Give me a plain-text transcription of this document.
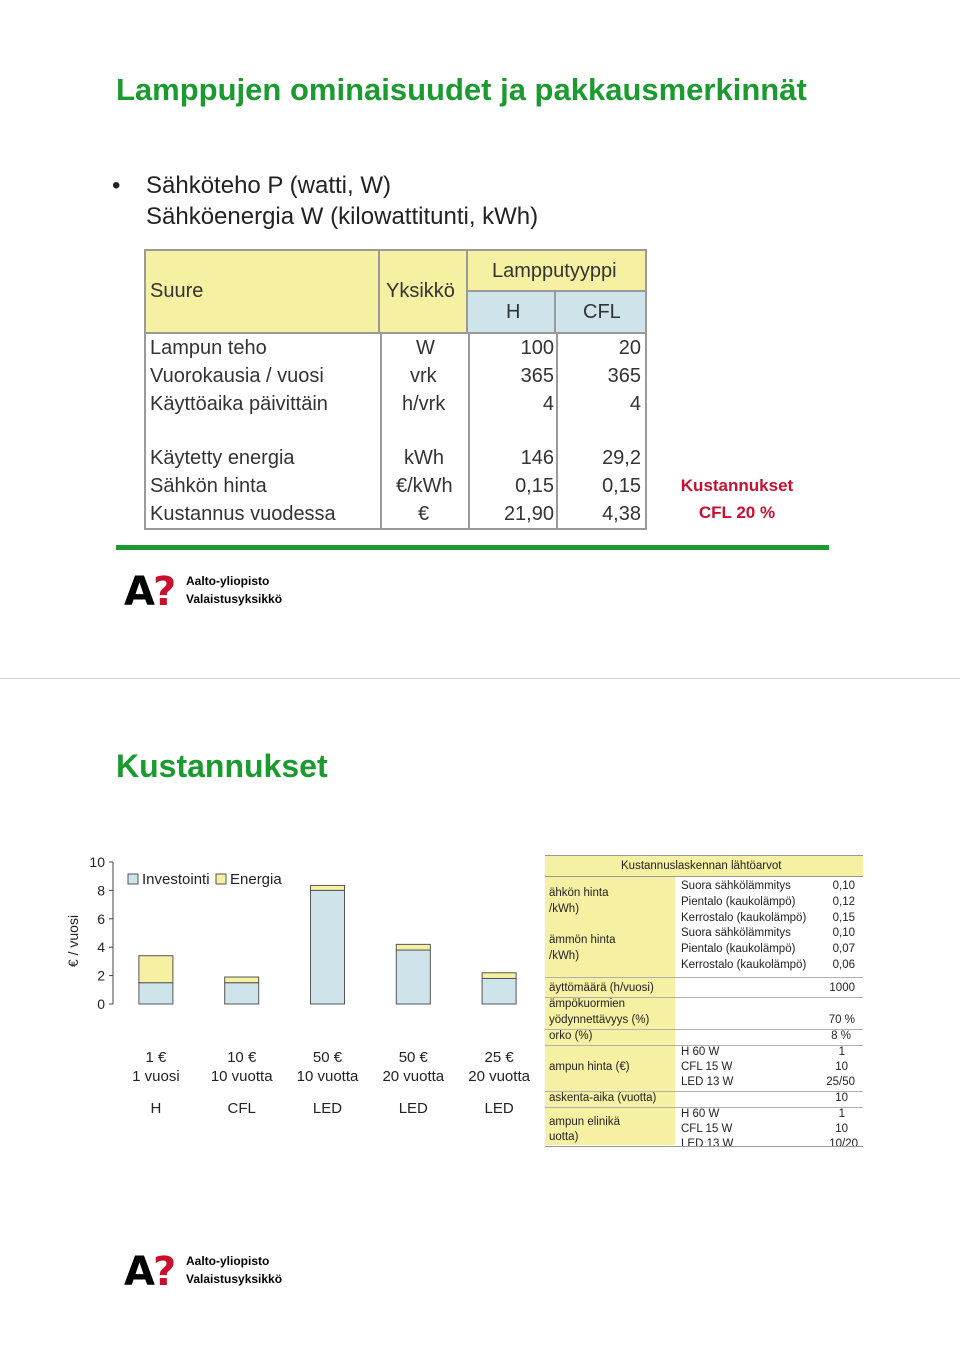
Lamppujen ominaisuudet ja pakkausmerkinnät
• Sähköteho P (watti, W)
Sähköenergia W (kilowattitunti, kWh)
Suure	Yksikkö
Lampputyyppi
H	CFL
Lampun teho	W	100	20
Vuorokausia / vuosi	vrk	365	365
Käyttöaika päivittäin	h/vrk	4	4
Käytetty energia	kWh	146 29,2
Sähkön hinta	€/kWh	0,15 0,15
Kustannus vuodessa	€	21,90 4,38
Kustannukset
CFL 20 %
A? Aalto-yliopisto
Valaistusyksikkö
Kustannukset
0
2
4
6
8
10
€ / vuosi
Investointi Energia
1 €
1 vuosi
H
10 €
10 vuotta
CFL
50 €
10 vuotta
LED
50 €
20 vuotta
LED
25 €
20 vuotta
LED
Kustannuslaskennan lähtöarvot
ähkön hinta
/kWh)
Suora sähkölämmitys	0,10
Pientalo (kaukolämpö)	0,12
Kerrostalo (kaukolämpö) 0,15
ämmön hinta
/kWh)
Suora sähkölämmitys	0,10
Pientalo (kaukolämpö)	0,07
Kerrostalo (kaukolämpö) 0,06
äyttömäärä (h/vuosi)	1000
ämpökuormien
yödynnettävyys (%)	70 %
orko (%)	8 %
ampun hinta (€)
H 60 W	1
CFL 15 W	10
LED 13 W	25/50
askenta-aika (vuotta)	10
ampun elinikä
uotta)
H 60 W	1
CFL 15 W	10
LED 13 W	10/20
A? Aalto-yliopisto
Valaistusyksikkö
